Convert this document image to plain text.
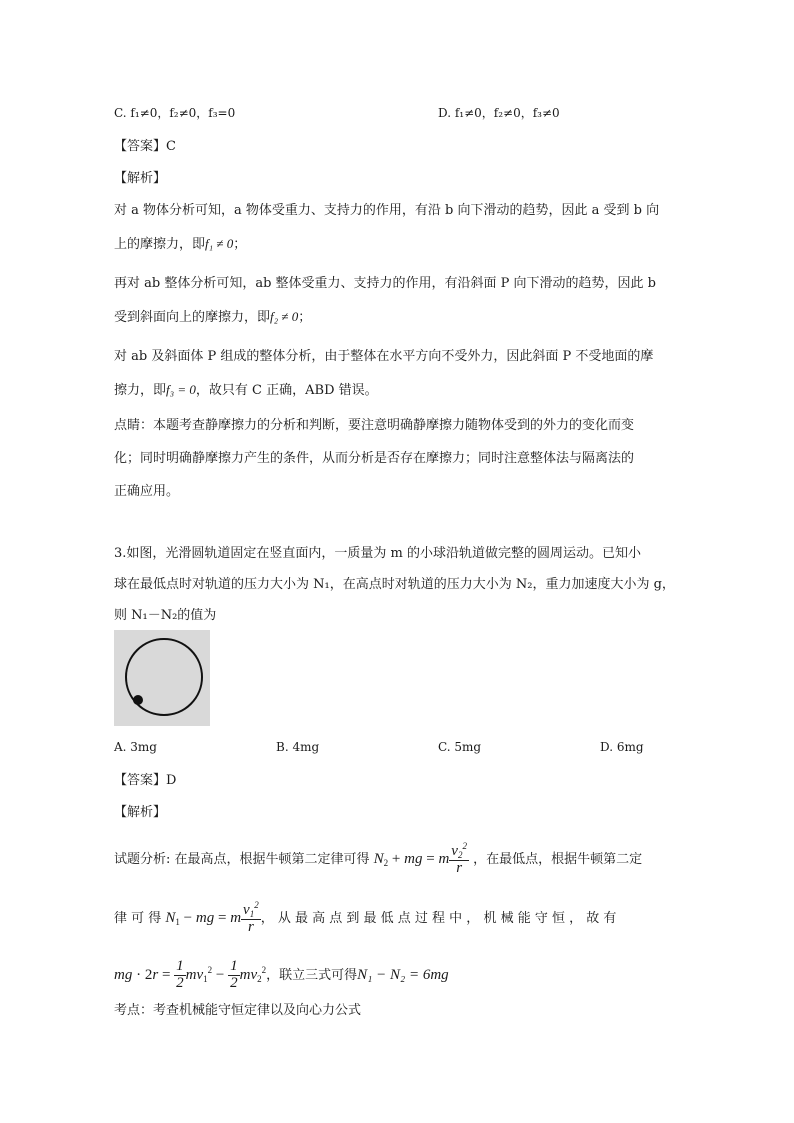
C. f₁≠0，f₂≠0，f₃=0	D. f₁≠0，f₂≠0，f₃≠0
【答案】C
【解析】
对 a 物体分析可知，a 物体受重力、支持力的作用，有沿 b 向下滑动的趋势，因此 a 受到 b 向
上的摩擦力，即f₁ ≠ 0；
再对 ab 整体分析可知，ab 整体受重力、支持力的作用，有沿斜面 P 向下滑动的趋势，因此 b
受到斜面向上的摩擦力，即f₂ ≠ 0；
对 ab 及斜面体 P 组成的整体分析，由于整体在水平方向不受外力，因此斜面 P 不受地面的摩
擦力，即f₃ = 0，故只有 C 正确，ABD 错误。
点睛：本题考查静摩擦力的分析和判断，要注意明确静摩擦力随物体受到的外力的变化而变
化；同时明确静摩擦力产生的条件，从而分析是否存在摩擦力；同时注意整体法与隔离法的
正确应用。
3.如图，光滑圆轨道固定在竖直面内，一质量为 m 的小球沿轨道做完整的圆周运动。已知小
球在最低点时对轨道的压力大小为 N₁，在高点时对轨道的压力大小为 N₂，重力加速度大小为 g，
则 N₁－N₂的值为
A. 3mg	B. 4mg	C. 5mg	D. 6mg
【答案】D
【解析】
试题分析: 在最高点，根据牛顿第二定律可得 $N_2$ + mg = m $\frac{v_2^2}{r}$ ，在最低点，根据牛顿第二定
律 可 得 $N_1$ − mg = m $\frac{v_1^2}{r}$ ， 从 最 高 点 到 最 低 点 过 程 中 ， 机 械 能 守 恒 ， 故 有
mg · $2r = \frac{1}{2} mv_1^2 - \frac{1}{2} mv_2^2$，联立三式可得N₁ − N₂ = 6mg
考点：考查机械能守恒定律以及向心力公式
